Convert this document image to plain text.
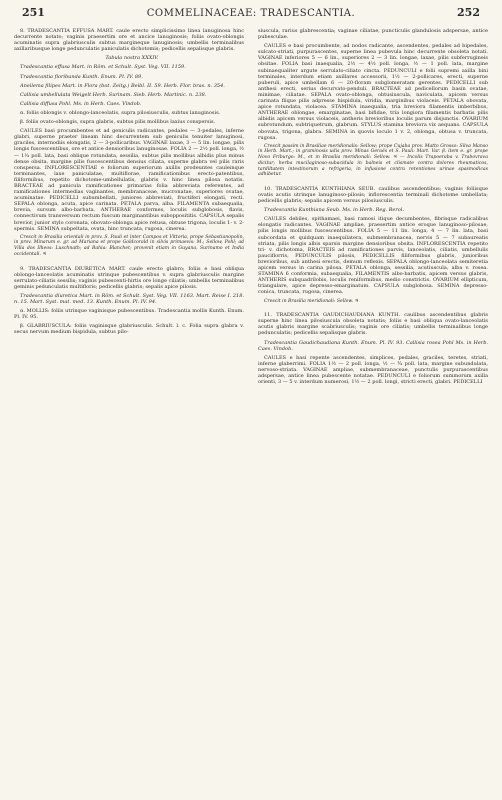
251	COMMELINACEAE: TRADESCANTIA.	252

8. TRADESCANTIA EFFUSA MART. caule erecto simplicissimo linea lanuginosa hinc decurrente notato; vaginis praesertim ore et ancice lanuginosis; foliis ovato-oblongis acuminatis supra glabriusculis subtus margineque lanuginosis; umbellis terminalibus axillaribusque longe pedunculatis paniculatis dichotomis; pedicellis sepalisque glabris.

Tabula nostra XXXIV.

Tradescantia effusa Mart. in Röm. et Schult. Syst. Veg. VII. 1159.

Tradescantia floribunda Kunth. Enum. Pl. IV. 89.

Aneilema filipes Mart. in Flora (bot. Zeitg.) Beibl. II. 59. Herb. Flor. bras. n. 354.

Callisia umbellulata Weigelt Herb. Surinam. Sieb. Herb. Martinic. n. 238.

Callisia diffusa Pohl. Ms. in Herb. Caes. Vindob.

α. foliis oblongis v. oblongo-lanceolatis, supra pilosiusculis, subtus lanuginosis.

β. foliis ovato-oblongis, supra glabris, subtus pilis mollibus laxius conspersis.

CAULES basi procumbentes et ad geniculis radicantes, pedales — 3-pedales, inferne glabri, superne praeter lineam hinc decurrentem sub geniculis tenuiter lanuginosi, graciles, internodiis elongatis, 2 — 3-pollicaribus. VAGINAE laxae, 3 — 5 lin. longae, pilis longis fuscescentibus, ore et antice densioribus lanuginosae. FOLIA 2 — 2½ poll. longa, ½ — 1¼ poll. lata, basi oblique rotundata, sessilia, subtus pilis mollibus albidis plus minus dense obsita, margine pilis fuscescentibus densius ciliata, superne glabra vel pilis raris conspersa. INFLORESCENTIAE e foliorum superiorum axillis prodeuntes cauleinque terminantes, laxe paniculatae, multiflorae, ramificationibus erecto-patentibus, filiformibus, repetito dichotome-umbellulatis, glabris v. hinc linea pilosa notatis. BRACTEAE ad panicula ramificationes primarias folia abbreviata referentes, ad ramificationes intermedias vaginantes, membranaceae, mucronatae, superiores ovatae, acuminatae. PEDICELLI subumbellati, juniores abbreviati, fructiferi elongati, recti. SEPALA oblonga, acuta, apice carinata. PETALA parva, alba. FILAMENTA subaequalia, brevia, sursum albo-barbata. ANTHERAE conformes, loculis subglobosis, flavis, connectivum transversum rectum fuscum marginantibus subopposititis. CAPSULA sepalis brevior, junior stylo coronata, obovato-oblonga apice retusa, obtuse trigona, loculis 1- v. 2-spermis. SEMINA subpeltata, ovata, hinc truncata, rugosa, cinerea.

Crescit in Brasilia orientali in prov. S. Pauli et inter Campos et Vittoria, prope Sebastianopolin, in prov. Minarum e. gr. ad Mariana et prope Goldcorald in silvis primaevis: M.; Sellow, Pohl; ad Villa dos Ilheos: Luschnath; ad Bahia: Blanchet; provenit etiam in Guyana, Surinamo et India occidentali. ♃

9. TRADESCANTIA DIURETICA MART. caule erecto glabro; foliis e basi obliqua oblongo-lanceolatis acuminatis utrinque pubescentibus v. supra glabriusculis margine serrulato-ciliatis sessilis; vaginis pubescenti-hirtis ore longe ciliatis; umbellis terminalibus geminis pedunculatis multifloris; pedicellis glabris; sepalis apice pilosis.

Tradescantia diuretica Mart. in Röm. et Schult. Syst. Veg. VII. 1163. Mart. Reise I. 218. n. 15. Mart. Syst. mat. med. 13. Kunth. Enum. Pl. IV. 94.

α. MOLLIS: foliis utrinque vaginisque pubescentibus. Tradescantia mollis Kunth. Enum. Pl. IV. 95.

β. GLABRIUSCULA: foliis vaginisque glabriusculis. Schult. l. c. Folia supra glabra v. secus nervum medium bispidula, subtus pilo-

siuscula, rarius glabrescentia; vaginae ciliatae, puncticulis glandulosis adspersae, antice pubesculae.

CAULES e basi procumbente, ad nodos radicante, ascendentes, pedales ad bipedales, sulcato-striati, purpurascentes, superne linea pubevula hinc decurrente obsoleta notati. VAGINAE inferiores 5 — 6 lin., superiores 2 — 3 lin. longae, laxae, pilis subferrugineis obsitae. FOLIA basi inaequalia, 2½ — 4½ poll. longa, ½ — 1 poll. lata, margine subinaequaliter argute serrulato-ciliato cincta. PEDUNCULI e folii supremi axilla bini terminales, interdum etiam axillares accessorii, 1½ — 2-pollicares, erecti, superne puberuli, apice umbellam 6 — 20-floram subglomeratam gerentes. PEDICELLI sub anthesi erecti, serius decurvato-penduli. BRACTEAE ad pedicellorum basin ovatae, minimae, ciliatae. SEPALA ovato-oblonga, obtusiuscula, naviculata, apicem versus carinata flique pilis adpresse hispidula, viridia, marginibus violaceis. PETALA obovata, apice rotundata, violacea. STAMINA inaequalia, tria breviora filamentis imberbibus, ANTHERAE oblongae, emarginatae, basi bifidae, tria longiora filamentis barbatis pilis albidis apicem versus violaceis, antheris brevioribus loculis parum disjunctis. OVARIUM subrotundum, subtriquetrum, glabrum. STYLUS stamina breviora vix aequans. CAPSULA obovata, trigona, glabra. SEMINA in quovis loculo 1 v. 2, oblonga, obtusa v. truncata, rugosa.

Crescit passim in Brasiliae meridionalis: Sellow; prope Cujaba prov. Matto Grosso: Silva Manso in Herb. Mart.; in graminosis udis prov. Minas Geraës et S. Pauli: Mart. Var. β. item e. gr. prope Novo Friburgo: M., et in Brasilia meridionali: Sellow. ♃ — Incolis Trapoeraba v. Trabovrava dicitur; herba mucilaginoso-subacidula in balneis et clismate contra dolores rheumaticos, tardiltatem intestinorum a refrigeria, in infusione contra retentiones urinae spasmodicas adhibetur.

10. TRADESCANTIA KUNTHIANA SEUB. caulibus ascendentibus; vaginis foliisque ovatis acutis utrinque lanuginoso-pilosis; inflorescentia terminali dichotome umbellata; pedicellis glabris; sepalis apicem versus pilosiusculis.

Tradescantia Kunthiana Seub. Ms. in Herb. Reg. Berol.

CAULES debiles, spithamaei, basi ramosi itique decumbentes, fibrisque radicalibus elongatis radicantes. VAGINAE ampliae, praesertim antice eroque lanuginoso-pilosae, pilis longis mollibus fuscescentibus. FOLIA 5 — 11 lin. longa, 4 — 7 lin. lata, basi subcordata et quidquam inaequilatera, submembranacea, nervis 5 — 7 subaureatis striata, pilis longis albis sparsis margine densioribus obsita. INFLORESCENTIA repetito tri- v. dichotoma, BRACTEIS ad ramificationes parvis, lanceolatis, ciliatis, umbellulis pauciflorris, PEDUNCULIS pilosis, PEDICELLIS filiformibus glabris, junioribus brevioribus, sub anthesi erectis, demum reflexis. SEPALA oblongo-lanceolata semiteretia apicem versus in carina pilosa. PETALA oblonga, sessilia, acutiuscula, alba v. rosea. STAMINA 6 conformia, subaequalia, FILAMENTIS albo-barbatis, apicem versus glabris, ANTHERIS subquadrilobis, loculis reniformibus, medio constrictis. OVARIUM ellipticum, triangulare, apice depresso-emarginatum. CAPSULA subglobosa. SEMINA depresso-conica, truncata, rugosa, cinerea.

Crescit in Brasilia meridionali: Sellow. ♃

11. TRADESCANTIA GAUDICHAUDIANA KUNTH. caulibus ascendentibus glabris superne hinc linea pilosiuscula obsoleta notatis; foliis e basi obliqua ovato-lanceolatis acutis glabris margine scabriusculis; vaginis ore ciliatis; umbellis terminalibus longe pedunculatis; pedicellis sepalisque glabris.

Tradescantia Gaudichaudiana Kunth. Enum. Pl. IV. 93. Callisia rosea Pohl Ms. in Herb. Caes. Vindob.

CAULES e basi repente ascendentes, simplices, pedales, graciles, teretes, striati, inferne glaberrimi. FOLIA 1½ — 2 poll. longa, ½ — ¾ poll. lata, margine subundulata, nervoso-striata. VAGINAE ampliae, submembranaceae, punctulis purpurascentibus adspersae, antice linea pubescente notatae. PEDUNCULI e foliorum summorum axilla orienti, 3 — 5 v. interdum numerosi, 1½ — 2 poll. longi, stricti erecti, glabri. PEDICELLI
